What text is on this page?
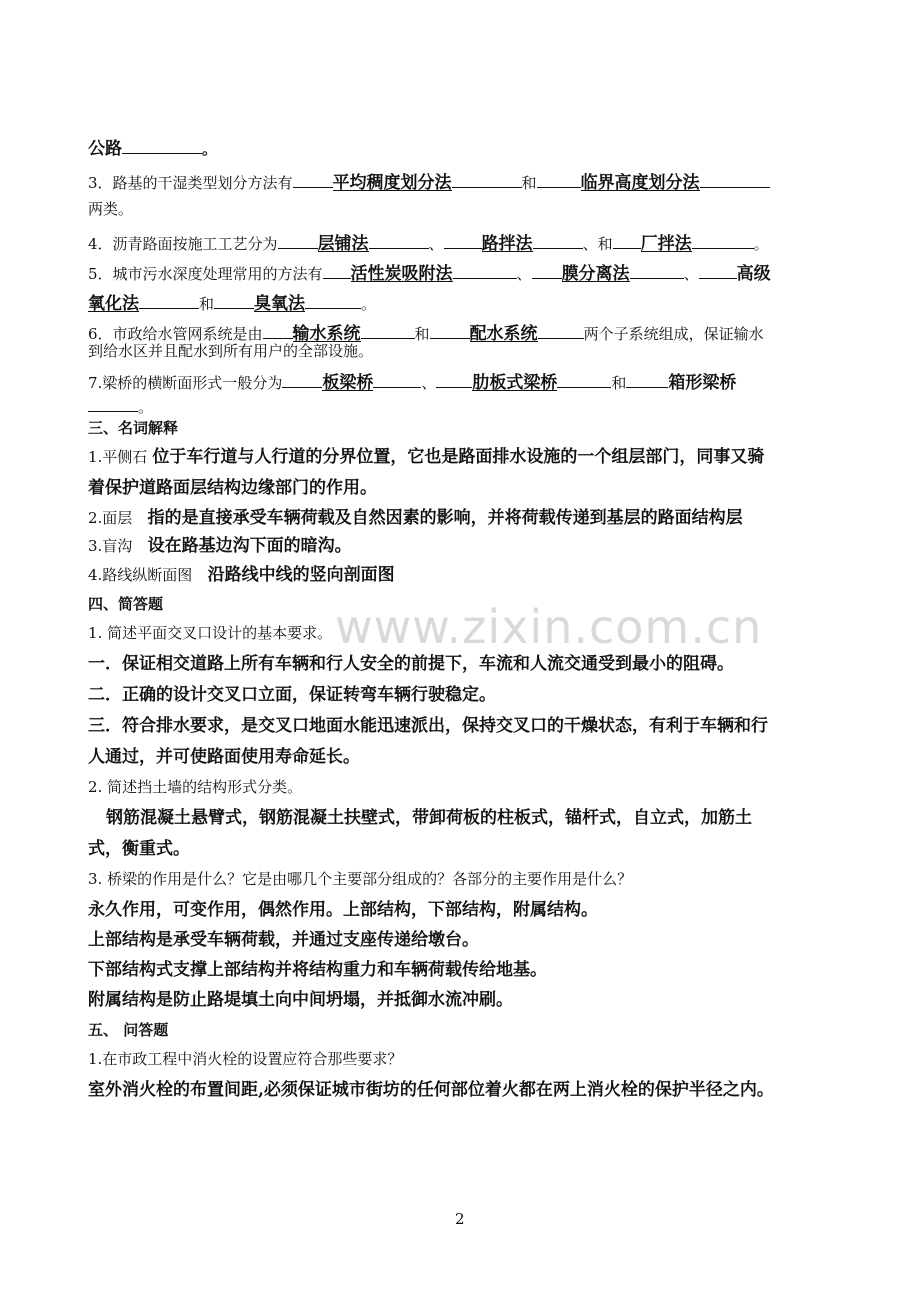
www.zixin.com.cn
公路	。
3．路基的干湿类型划分方法有 平均稠度划分法	和	临界高度划分法
两类。
4．沥青路面按施工工艺分为 层铺法	、 路拌法	、和 厂拌法	。
5．城市污水深度处理常用的方法有 活性炭吸附法	、 膜分离法	、 高级
氧化法	和 臭氧法	。
6．市政给水管网系统是由 输水系统	和 配水系统	两个子系统组成，保证输水
到给水区并且配水到所有用户的全部设施。
7.梁桥的横断面形式一般分为 板梁桥	、 肋板式梁桥	和 箱形梁桥
。
三、名词解释
1.平侧石 位于车行道与人行道的分界位置，它也是路面排水设施的一个组层部门，同事又骑
着保护道路面层结构边缘部门的作用。
2.面层 指的是直接承受车辆荷载及自然因素的影响，并将荷载传递到基层的路面结构层
3.盲沟 设在路基边沟下面的暗沟。
4.路线纵断面图 沿路线中线的竖向剖面图
四、简答题
1. 简述平面交叉口设计的基本要求。
一．保证相交道路上所有车辆和行人安全的前提下，车流和人流交通受到最小的阻碍。
二．正确的设计交叉口立面，保证转弯车辆行驶稳定。
三．符合排水要求，是交叉口地面水能迅速派出，保持交叉口的干燥状态，有利于车辆和行
人通过，并可使路面使用寿命延长。
2. 简述挡土墙的结构形式分类。
钢筋混凝土悬臂式，钢筋混凝土扶壁式，带卸荷板的柱板式，锚杆式，自立式，加筋土
式，衡重式。
3. 桥梁的作用是什么？它是由哪几个主要部分组成的？各部分的主要作用是什么？
永久作用，可变作用，偶然作用。上部结构，下部结构，附属结构。
上部结构是承受车辆荷载，并通过支座传递给墩台。
下部结构式支撑上部结构并将结构重力和车辆荷载传给地基。
附属结构是防止路堤填土向中间坍塌，并抵御水流冲刷。
五、 问答题
1.在市政工程中消火栓的设置应符合那些要求？
室外消火栓的布置间距,必须保证城市街坊的任何部位着火都在两上消火栓的保护半径之内。
2
